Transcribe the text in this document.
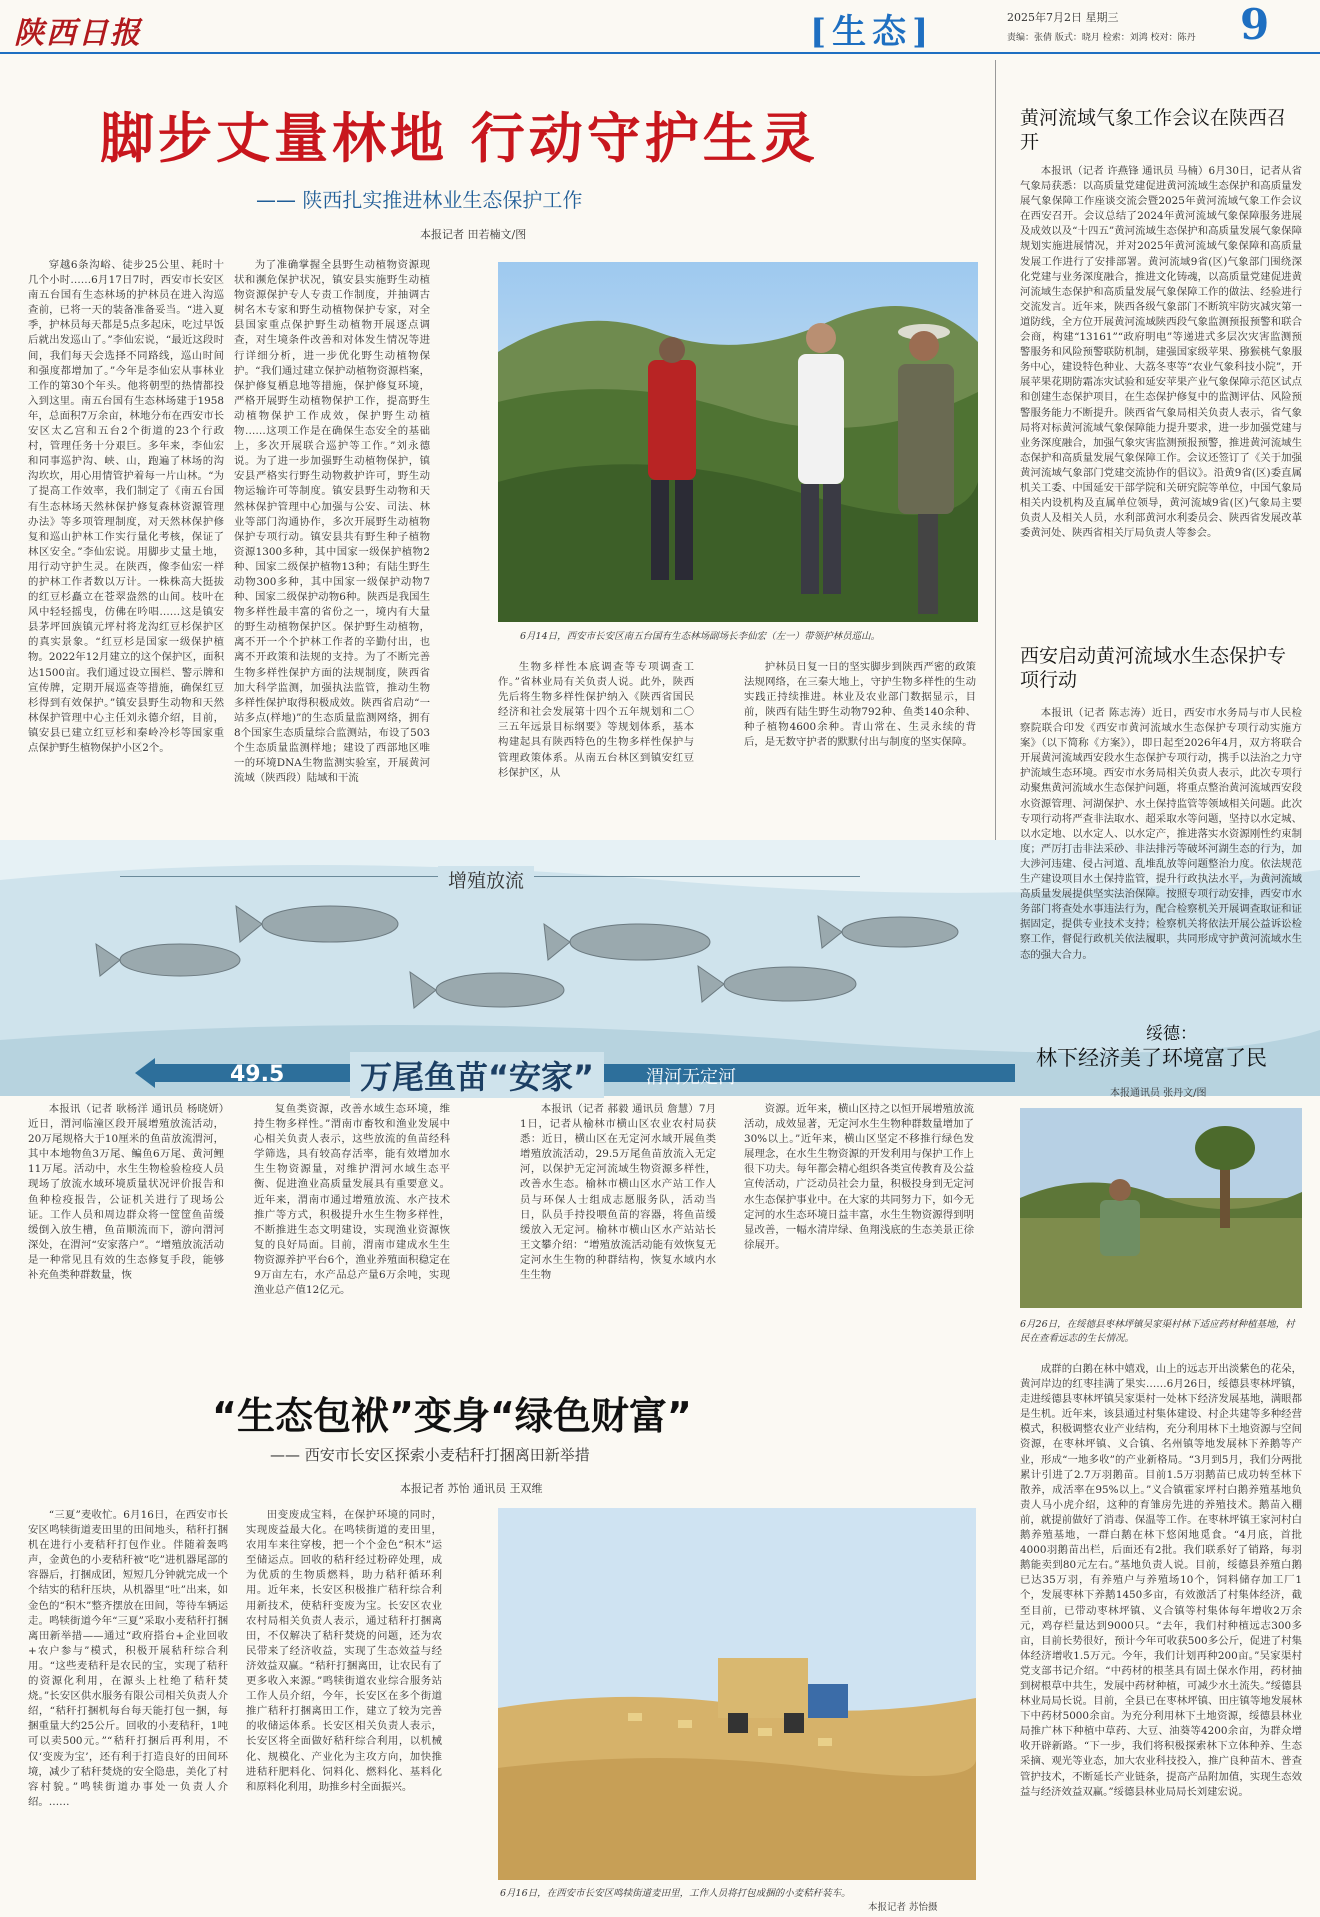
陕西日报	[生态]	2025年7月2日 星期三
责编：张倩 版式：晓月 检索：刘鸿 校对：陈丹 9
脚步丈量林地 行动守护生灵
—— 陕西扎实推进林业生态保护工作
本报记者 田若楠文/图

穿越6条沟峪、徒步25公里、耗时十几个小时……6月17日7时，西安市长安区南五台国有生态林场的护林员在进入沟巡查前，已将一天的装备准备妥当。“进入夏季，护林员每天都是5点多起床，吃过早饭后就出发巡山了。”李仙宏说，“最近这段时间，我们每天会选择不同路线，巡山时间和强度都增加了。”今年是李仙宏从事林业工作的第30个年头。他将朝型的热情都投入到这里。南五台国有生态林场建于1958年，总面积7万余亩，林地分布在西安市长安区太乙宫和五台2个街道的23个行政村，管理任务十分艰巨。多年来，李仙宏和同事巡护沟、峡、山，跑遍了林场的沟沟坎坎，用心用情管护着每一片山林。“为了提高工作效率，我们制定了《南五台国有生态林场天然林保护修复森林资源管理办法》等多项管理制度，对天然林保护修复和巡山护林工作实行量化考核，保证了林区安全。”李仙宏说。用脚步丈量土地，用行动守护生灵。在陕西，像李仙宏一样的护林工作者数以万计。一株株高大挺拔的红豆杉矗立在苍翠盎然的山间。枝叶在风中轻轻摇曳，仿佛在吟唱……这是镇安县茅坪回族镇元坪村将龙沟红豆杉保护区的真实景象。“红豆杉是国家一级保护植物。2022年12月建立的这个保护区，面积达1500亩。我们通过设立围栏、警示牌和宣传牌，定期开展巡查等措施，确保红豆杉得到有效保护。”镇安县野生动物和天然林保护管理中心主任刘永德介绍，目前，镇安县已建立红豆杉和秦岭冷杉等国家重点保护野生植物保护小区2个。

为了准确掌握全县野生动植物资源现状和濒危保护状况，镇安县实施野生动植物资源保护专人专责工作制度，并抽调古树名木专家和野生动植物保护专家，对全县国家重点保护野生动植物开展逐点调查，对生境条件改善和对体发生情况等进行详细分析，进一步优化野生动植物保护。“我们通过建立保护动植物资源档案，保护修复栖息地等措施，保护修复环境，严格开展野生动植物保护工作，提高野生动植物保护工作成效，保护野生动植物……这项工作是在确保生态安全的基础上，多次开展联合巡护等工作。”刘永德说。为了进一步加强野生动植物保护，镇安县严格实行野生动物救护许可，野生动物运输许可等制度。镇安县野生动物和天然林保护管理中心加强与公安、司法、林业等部门沟通协作，多次开展野生动植物保护专项行动。镇安县共有野生种子植物资源1300多种，其中国家一级保护植物2种、国家二级保护植物13种；有陆生野生动物300多种，其中国家一级保护动物7种、国家二级保护动物6种。陕西是我国生物多样性最丰富的省份之一，境内有大量的野生动植物保护区。保护野生动植物，离不开一个个护林工作者的辛勤付出，也离不开政策和法规的支持。为了不断完善生物多样性保护方面的法规制度，陕西省加大科学监测，加强执法监管，推动生物多样性保护取得积极成效。陕西省启动“一站多点(样地)”的生态质量监测网络，拥有8个国家生态质量综合监测站，布设了503个生态质量监测样地；建设了西部地区唯一的环境DNA生物监测实验室，开展黄河流域（陕西段）陆域和干流

6月14日，西安市长安区南五台国有生态林场副场长李仙宏（左一）带领护林员巡山。

生物多样性本底调查等专项调查工作。”省林业局有关负责人说。此外，陕西先后将生物多样性保护纳入《陕西省国民经济和社会发展第十四个五年规划和二〇三五年远景目标纲要》等规划体系，基本构建起具有陕西特色的生物多样性保护与管理政策体系。从南五台林区到镇安红豆杉保护区，从

护林员日复一日的坚实脚步到陕西严密的政策法规网络，在三秦大地上，守护生物多样性的生动实践正持续推进。林业及农业部门数据显示，目前，陕西有陆生野生动物792种、鱼类140余种、种子植物4600余种。青山常在、生灵永续的背后，是无数守护者的默默付出与制度的坚实保障。

增殖放流
49.5	万尾鱼苗“安家”	渭河无定河

本报讯（记者 耿杨洋 通讯员 杨晓妍）近日，渭河临潼区段开展增殖放流活动，20万尾规格大于10厘米的鱼苗放流渭河，其中本地物鱼3万尾、鳊鱼6万尾、黄河鲤11万尾。活动中，水生生物检验检疫人员现场了放流水域环境质量状况评价报告和鱼种检疫报告，公证机关进行了现场公证。工作人员和周边群众将一筐筐鱼苗缓缓倒入放生槽，鱼苗顺流而下，游向渭河深处，在渭河“安家落户”。“增殖放流活动是一种常见且有效的生态修复手段，能够补充鱼类种群数量，恢

复鱼类资源，改善水域生态环境，维持生物多样性。”渭南市畜牧和渔业发展中心相关负责人表示，这些放流的鱼苗经科学筛选，具有较高存活率，能有效增加水生生物资源量，对维护渭河水域生态平衡、促进渔业高质量发展具有重要意义。近年来，渭南市通过增殖放流、水产技术推广等方式，积极提升水生生物多样性，不断推进生态文明建设，实现渔业资源恢复的良好局面。目前，渭南市建成水生生物资源养护平台6个，渔业养殖面积稳定在9万亩左右，水产品总产量6万余吨，实现渔业总产值12亿元。

本报讯（记者 郝毅 通讯员 詹慧）7月1日，记者从榆林市横山区农业农村局获悉：近日，横山区在无定河水域开展鱼类增殖放流活动，29.5万尾鱼苗放流入无定河，以保护无定河流域生物资源多样性，改善水生态。榆林市横山区水产站工作人员与环保人士组成志愿服务队，活动当日，队员手持投喂鱼苗的容器，将鱼苗缓缓放入无定河。榆林市横山区水产站站长王文攀介绍：“增殖放流活动能有效恢复无定河水生生物的种群结构，恢复水域内水生生物

资源。近年来，横山区持之以恒开展增殖放流活动，成效显著，无定河水生生物种群数量增加了30%以上。”近年来，横山区坚定不移推行绿色发展理念，在水生生物资源的开发利用与保护工作上很下功夫。每年都会精心组织各类宣传教育及公益宣传活动，广泛动员社会力量，积极投身到无定河水生态保护事业中。在大家的共同努力下，如今无定河的水生态环境日益丰富，水生生物资源得到明显改善，一幅水清岸绿、鱼翔浅底的生态美景正徐徐展开。

“生态包袱”变身“绿色财富”
—— 西安市长安区探索小麦秸秆打捆离田新举措
本报记者 苏怡 通讯员 王双维

“三夏”麦收忙。6月16日，在西安市长安区鸣犊街道麦田里的田间地头，秸秆打捆机在进行小麦秸秆打包作业。伴随着轰鸣声，金黄色的小麦秸秆被“吃”进机器尾部的容器后，打捆成团，短短几分钟就完成一个个结实的秸秆压块，从机器里“吐”出来，如金色的“积木”整齐摆放在田间，等待车辆运走。鸣犊街道今年“三夏”采取小麦秸秆打捆离田新举措——通过“政府搭台+企业回收+农户参与”模式，积极开展秸秆综合利用。“这些麦秸秆是农民的宝，实现了秸秆的资源化利用，在源头上杜绝了秸秆焚烧。”长安区供水服务有限公司相关负责人介绍，“秸秆打捆机每台每天能打包一捆，每捆重量大约25公斤。回收的小麦秸秆，1吨可以卖500元。”“秸秆打捆后再利用，不仅‘变废为宝’，还有利于打造良好的田间环境，减少了秸秆焚烧的安全隐患，美化了村容村貌。”鸣犊街道办事处一负责人介绍。……

田变废成宝料，在保护环境的同时，实现废益最大化。在鸣犊街道的麦田里，农用车来往穿梭，把一个个金色“积木”运至储运点。回收的秸秆经过粉碎处理，成为优质的生物质燃料，助力秸秆循环利用。近年来，长安区积极推广秸秆综合利用新技术，使秸秆变废为宝。长安区农业农村局相关负责人表示，通过秸秆打捆离田，不仅解决了秸秆焚烧的问题，还为农民带来了经济收益，实现了生态效益与经济效益双赢。“秸秆打捆离田，让农民有了更多收入来源。”鸣犊街道农业综合服务站工作人员介绍，今年，长安区在多个街道推广秸秆打捆离田工作，建立了较为完善的收储运体系。长安区相关负责人表示，长安区将全面做好秸秆综合利用，以机械化、规模化、产业化为主攻方向，加快推进秸秆肥料化、饲料化、燃料化、基料化和原料化利用，助推乡村全面振兴。

6月16日，在西安市长安区鸣犊街道麦田里，工作人员将打包成捆的小麦秸秆装车。
本报记者 苏怡摄
黄河流域气象工作会议在陕西召开

本报讯（记者 许燕锋 通讯员 马楠）6月30日，记者从省气象局获悉：以高质量党建促进黄河流域生态保护和高质量发展气象保障工作座谈交流会暨2025年黄河流域气象工作会议在西安召开。会议总结了2024年黄河流域气象保障服务进展及成效以及“十四五”黄河流域生态保护和高质量发展气象保障规划实施进展情况，并对2025年黄河流域气象保障和高质量发展工作进行了安排部署。黄河流域9省(区)气象部门围绕深化党建与业务深度融合，推进文化铸魂，以高质量党建促进黄河流域生态保护和高质量发展气象保障工作的做法、经验进行交流发言。近年来，陕西各级气象部门不断筑牢防灾减灾第一道防线，全方位开展黄河流域陕西段气象监测预报预警和联合会商，构建“13161”“政府明电”等递进式多层次灾害监测预警服务和风险预警联防机制，建强国家级苹果、猕猴桃气象服务中心，建设特色种业、大荔冬枣等“农业气象科技小院”，开展苹果花期防霜冻灾试验和延安苹果产业气象保障示范区试点和创建生态保护项目，在生态保护修复中的监测评估、风险预警服务能力不断提升。陕西省气象局相关负责人表示，省气象局将对标黄河流域气象保障能力提升要求，进一步加强党建与业务深度融合，加强气象灾害监测预报预警，推进黄河流域生态保护和高质量发展气象保障工作。会议还签订了《关于加强黄河流域气象部门党建交流协作的倡议》。沿黄9省(区)委直属机关工委、中国延安干部学院和关研究院等单位，中国气象局相关内设机构及直属单位领导，黄河流域9省(区)气象局主要负责人及相关人员，水利部黄河水利委员会、陕西省发展改革委黄河处、陕西省相关厅局负责人等参会。

西安启动黄河流域水生态保护专项行动

本报讯（记者 陈志涛）近日，西安市水务局与市人民检察院联合印发《西安市黄河流域水生态保护专项行动实施方案》（以下简称《方案》），即日起至2026年4月，双方将联合开展黄河流域西安段水生态保护专项行动，携手以法治之力守护流域生态环境。西安市水务局相关负责人表示，此次专项行动聚焦黄河流域水生态保护问题，将重点整治黄河流域西安段水资源管理、河湖保护、水土保持监管等领域相关问题。此次专项行动将严查非法取水、超采取水等问题，坚持以水定城、以水定地、以水定人、以水定产，推进落实水资源刚性约束制度；严厉打击非法采砂、非法排污等破坏河湖生态的行为，加大涉河违建、侵占河道、乱堆乱放等问题整治力度。依法规范生产建设项目水土保持监管，提升行政执法水平，为黄河流域高质量发展提供坚实法治保障。按照专项行动安排，西安市水务部门将查处水事违法行为，配合检察机关开展调查取证和证据固定，提供专业技术支持；检察机关将依法开展公益诉讼检察工作，督促行政机关依法履职，共同形成守护黄河流域水生态的强大合力。

绥德：
林下经济美了环境富了民
本报通讯员 张丹文/图
6月26日，在绥德县枣林坪镇吴家渠村林下适应药材种植基地，村民在查看远志的生长情况。

成群的白鹅在林中嬉戏，山上的远志开出淡紫色的花朵，黄河岸边的红枣挂满了果实……6月26日，绥德县枣林坪镇，走进绥德县枣林坪镇吴家渠村一处林下经济发展基地，满眼都是生机。近年来，该县通过村集体建设、村企共建等多种经营模式，积极调整农业产业结构，充分利用林下土地资源与空间资源，在枣林坪镇、义合镇、名州镇等地发展林下养鹅等产业，形成“一地多收”的产业新格局。“3月到5月，我们分两批累计引进了2.7万羽鹅苗。目前1.5万羽鹅苗已成功转至林下散养，成活率在95%以上。”义合镇霍家坪村白鹅养殖基地负责人马小虎介绍，这种的育雏房先进的养殖技术。鹅苗入棚前，就提前做好了消毒、保温等工作。在枣林坪镇王家河村白鹅养殖基地，一群白鹅在林下悠闲地觅食。“4月底，首批4000羽鹅苗出栏，后面还有2批。我们联系好了销路，每羽鹅能卖到80元左右。”基地负责人说。目前，绥德县养殖白鹅已达35万羽，有养殖户与养殖场10个，饲料储存加工厂1个，发展枣林下养鹅1450多亩，有效激活了村集体经济，截至目前，已带动枣林坪镇、义合镇等村集体每年增收2万余元，鸡存栏量达到9000只。“去年，我们村种植远志300多亩，目前长势很好，预计今年可收获500多公斤，促进了村集体经济增收1.5万元。今年，我们计划再种200亩。”吴家渠村党支部书记介绍。“中药材的根茎具有固土保水作用，药材抽到树根草中共生，发展中药材种植，可减少水土流失。”绥德县林业局局长说。目前，全县已在枣林坪镇、田庄镇等地发展林下中药材5000余亩。为充分利用林下土地资源，绥德县林业局推广林下种植中草药、大豆、油葵等4200余亩，为群众增收开辟新路。“下一步，我们将积极探索林下立体种养、生态采摘、观光等业态，加大农业科技投入，推广良种苗木、普查管护技术，不断延长产业链条，提高产品附加值，实现生态效益与经济效益双赢。”绥德县林业局局长刘建宏说。
